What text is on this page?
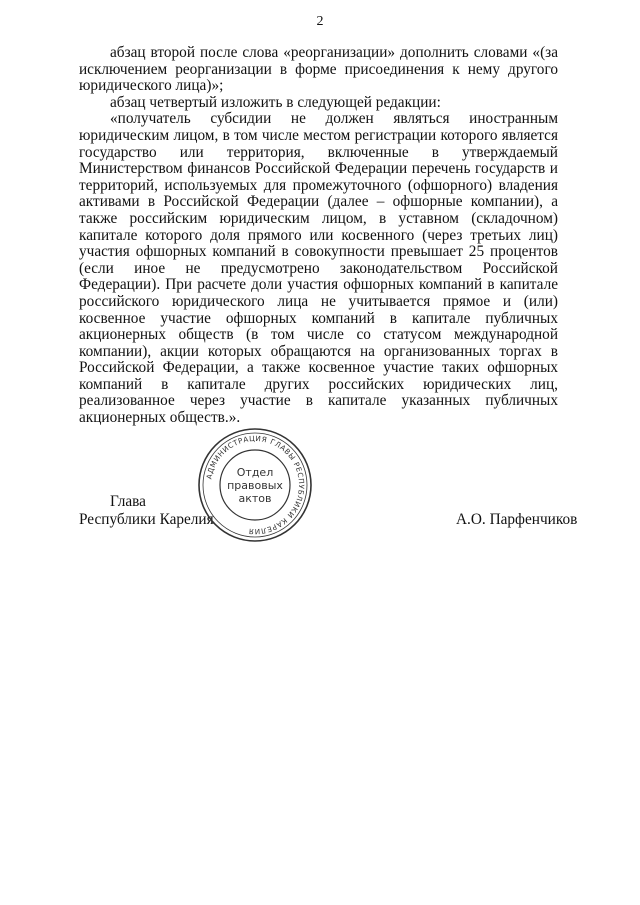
2

абзац второй после слова «реорганизации» дополнить словами «(за исключением реорганизации в форме присоединения к нему другого юридического лица)»;

абзац четвертый изложить в следующей редакции:

«получатель субсидии не должен являться иностранным юридическим лицом, в том числе местом регистрации которого является государство или территория, включенные в утверждаемый Министерством финансов Российской Федерации перечень государств и территорий, используемых для промежуточного (офшорного) владения активами в Российской Федерации (далее – офшорные компании), а также российским юридическим лицом, в уставном (складочном) капитале которого доля прямого или косвенного (через третьих лиц) участия офшорных компаний в совокупности превышает 25 процентов (если иное не предусмотрено законодательством Российской Федерации). При расчете доли участия офшорных компаний в капитале российского юридического лица не учитывается прямое и (или) косвенное участие офшорных компаний в капитале публичных акционерных обществ (в том числе со статусом международной компании), акции которых обращаются на организованных торгах в Российской Федерации, а также косвенное участие таких офшорных компаний в капитале других российских юридических лиц, реализованное через участие в капитале указанных публичных акционерных обществ.».

Глава
Республики Карелия	А.О. Парфенчиков
АДМИНИСТРАЦИЯ ГЛАВЫ РЕСПУБЛИКИ КАРЕЛИЯ
Отдел
правовых
актов
